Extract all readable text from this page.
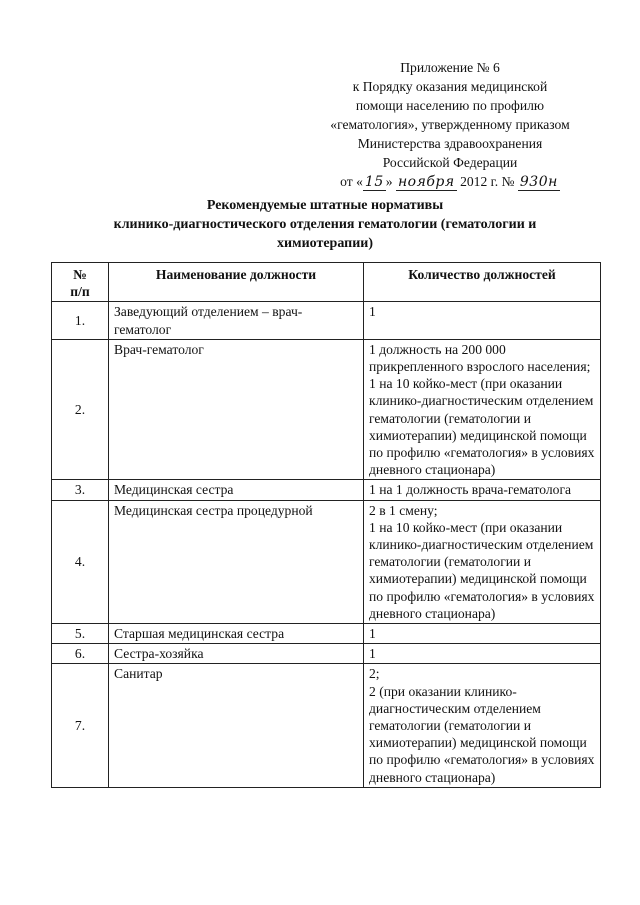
Приложение № 6
к Порядку оказания медицинской
помощи населению по профилю
«гематология», утвержденному приказом
Министерства здравоохранения
Российской Федерации
от « 15 » ноября 2012 г. № 930н
Рекомендуемые штатные нормативы
клинико-диагностического отделения гематологии (гематологии и
химиотерапии)
№
п/п	Наименование должности	Количество должностей
1.	Заведующий отделением – врач-гематолог	1
2.	Врач-гематолог	1 должность на 200 000 прикрепленного взрослого населения;
1 на 10 койко-мест (при оказании клинико-диагностическим отделением гематологии (гематологии и химиотерапии) медицинской помощи по профилю «гематология» в условиях дневного стационара)

3.	Медицинская сестра	1 на 1 должность врача-гематолога
4.	Медицинская сестра процедурной	2 в 1 смену;
1 на 10 койко-мест (при оказании клинико-диагностическим отделением гематологии (гематологии и химиотерапии) медицинской помощи по профилю «гематология» в условиях дневного стационара)

5.	Старшая медицинская сестра	1
6.	Сестра-хозяйка	1
7.	Санитар	2;
2 (при оказании клинико-диагностическим отделением гематологии (гематологии и химиотерапии) медицинской помощи по профилю «гематология» в условиях дневного стационара)
